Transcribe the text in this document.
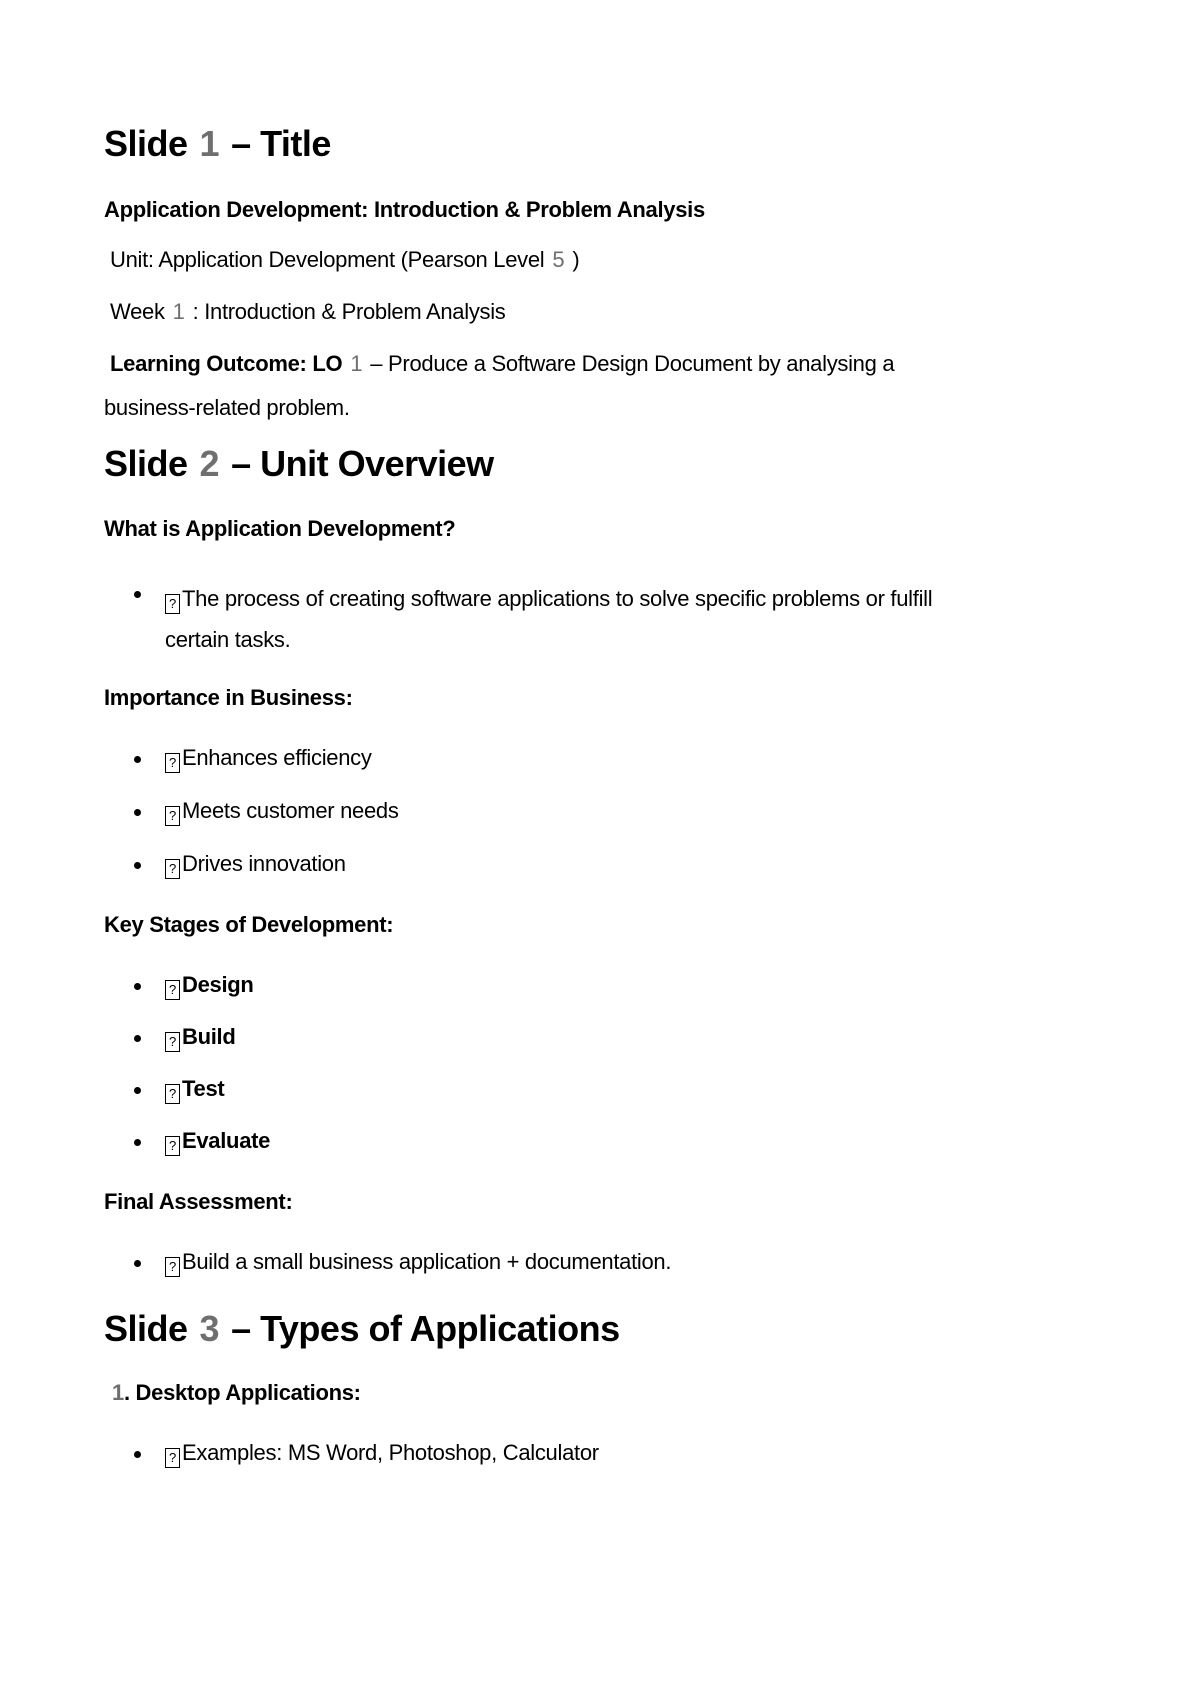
Slide 1 – Title

Application Development: Introduction & Problem Analysis

Unit: Application Development (Pearson Level 5 )

Week 1 : Introduction & Problem Analysis

Learning Outcome: LO 1 – Produce a Software Design Document by analysing a

business-related problem.

Slide 2 – Unit Overview

What is Application Development?

? The process of creating software applications to solve specific problems or fulfill
certain tasks.

Importance in Business:

? Enhances efficiency
? Meets customer needs
? Drives innovation

Key Stages of Development:

? Design
? Build
? Test
? Evaluate

Final Assessment:

? Build a small business application + documentation.
Slide 3 – Types of Applications

1. Desktop Applications:

? Examples: MS Word, Photoshop, Calculator
